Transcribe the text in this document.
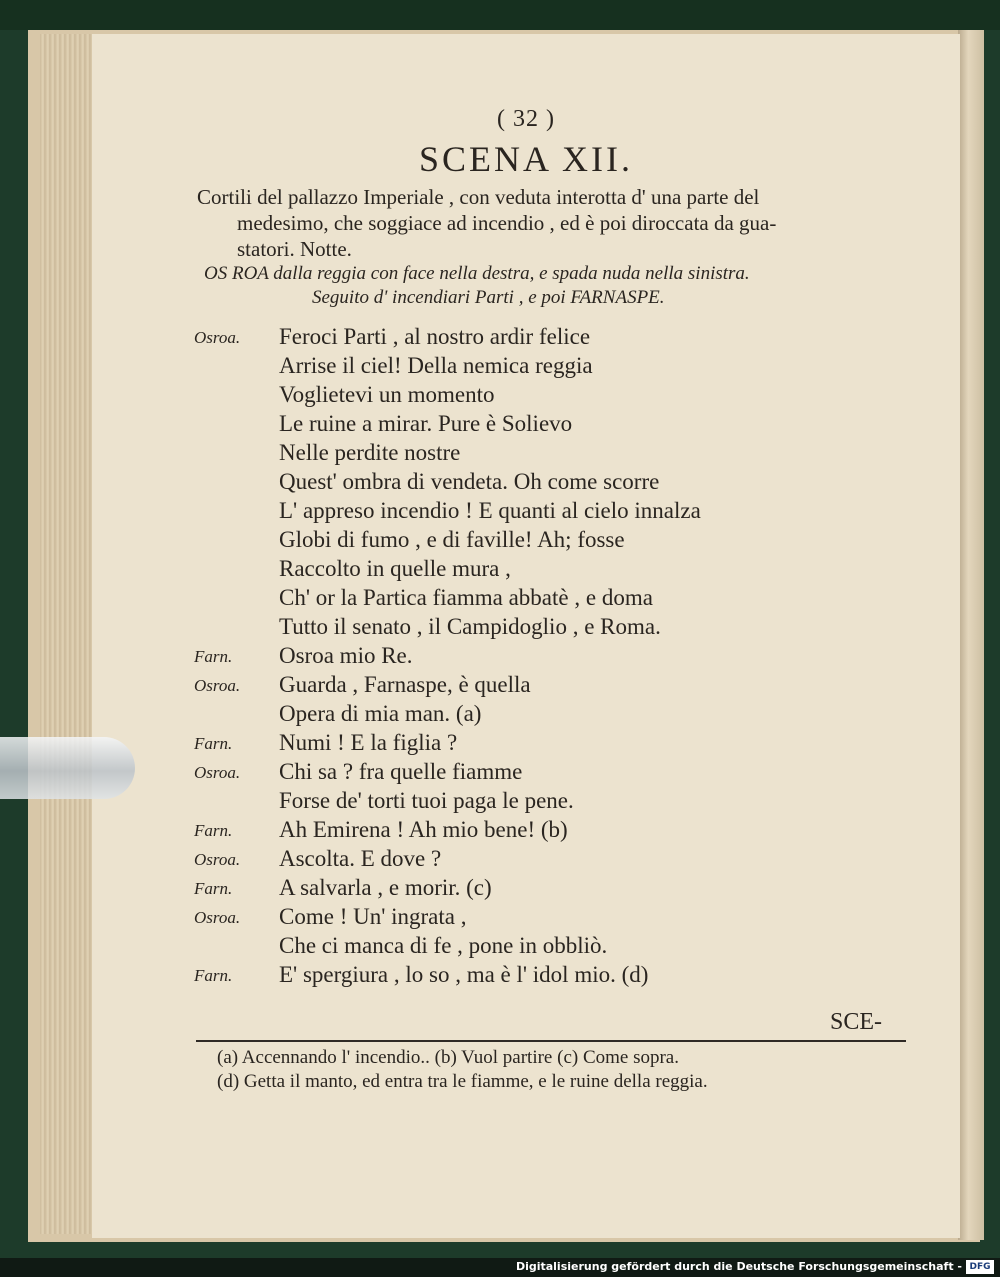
( 32 )
SCENA XII.
Cortili del pallazzo Imperiale , con veduta interotta d' una parte del
medesimo, che soggiace ad incendio , ed è poi diroccata da gua-
statori. Notte.
OS ROA dalla reggia con face nella destra, e spada nuda nella sinistra.
Seguito d' incendiari Parti , e poi FARNASPE.
Osroa. Feroci Parti , al nostro ardir felice
Arrise il ciel! Della nemica reggia
Voglietevi un momento
Le ruine a mirar. Pure è Solievo
Nelle perdite nostre
Quest' ombra di vendeta. Oh come scorre
L' appreso incendio ! E quanti al cielo innalza
Globi di fumo , e di faville! Ah; fosse
Raccolto in quelle mura ,
Ch' or la Partica fiamma abbatè , e doma
Tutto il senato , il Campidoglio , e Roma.
Farn. Osroa mio Re.
Osroa. Guarda , Farnaspe, è quella
Opera di mia man. (a)
Farn. Numi ! E la figlia ?
Osroa. Chi sa ? fra quelle fiamme
Forse de' torti tuoi paga le pene.
Farn. Ah Emirena ! Ah mio bene! (b)
Osroa. Ascolta. E dove ?
Farn. A salvarla , e morir. (c)
Osroa. Come ! Un' ingrata ,
Che ci manca di fe , pone in obbliò.
Farn. E' spergiura , lo so , ma è l' idol mio. (d)
SCE-
(a) Accennando l' incendio.. (b) Vuol partire (c) Come sopra.
(d) Getta il manto, ed entra tra le fiamme, e le ruine della reggia.
Digitalisierung gefördert durch die Deutsche Forschungsgemeinschaft - DFG
